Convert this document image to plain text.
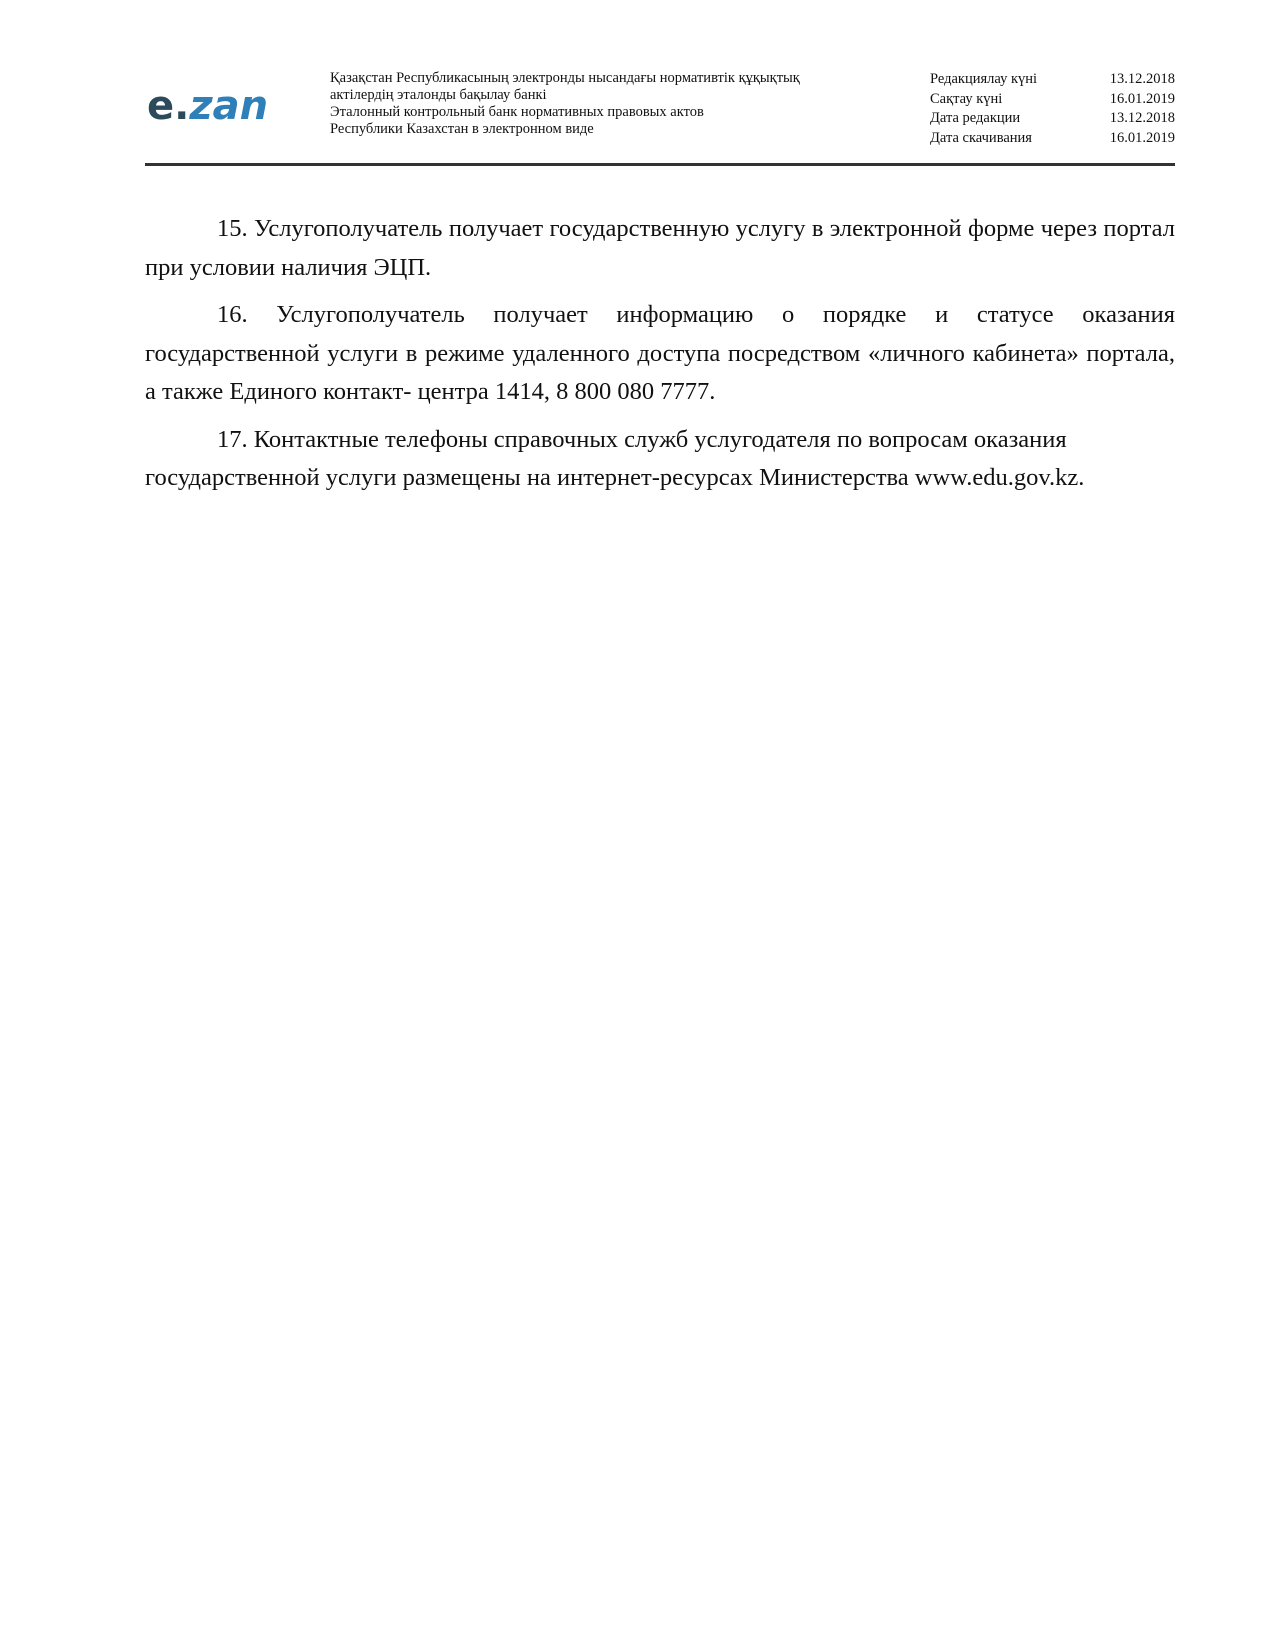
e.zan
Қазақстан Республикасының электронды нысандағы нормативтік құқықтық
актілердің эталонды бақылау банкі
Эталонный контрольный банк нормативных правовых актов
Республики Казахстан в электронном виде
Редакциялау күні	13.12.2018
Сақтау күні	16.01.2019
Дата редакции	13.12.2018
Дата скачивания	16.01.2019

15. Услугополучатель получает государственную услугу в электронной форме через портал при условии наличия ЭЦП.

16. Услугополучатель получает информацию о порядке и статусе оказания государственной услуги в режиме удаленного доступа посредством «личного кабинета» портала, а также Единого контакт- центра 1414, 8 800 080 7777.

17. Контактные телефоны справочных служб услугодателя по вопросам оказания государственной услуги размещены на интернет-ресурсах Министерства www.edu.gov.kz.
